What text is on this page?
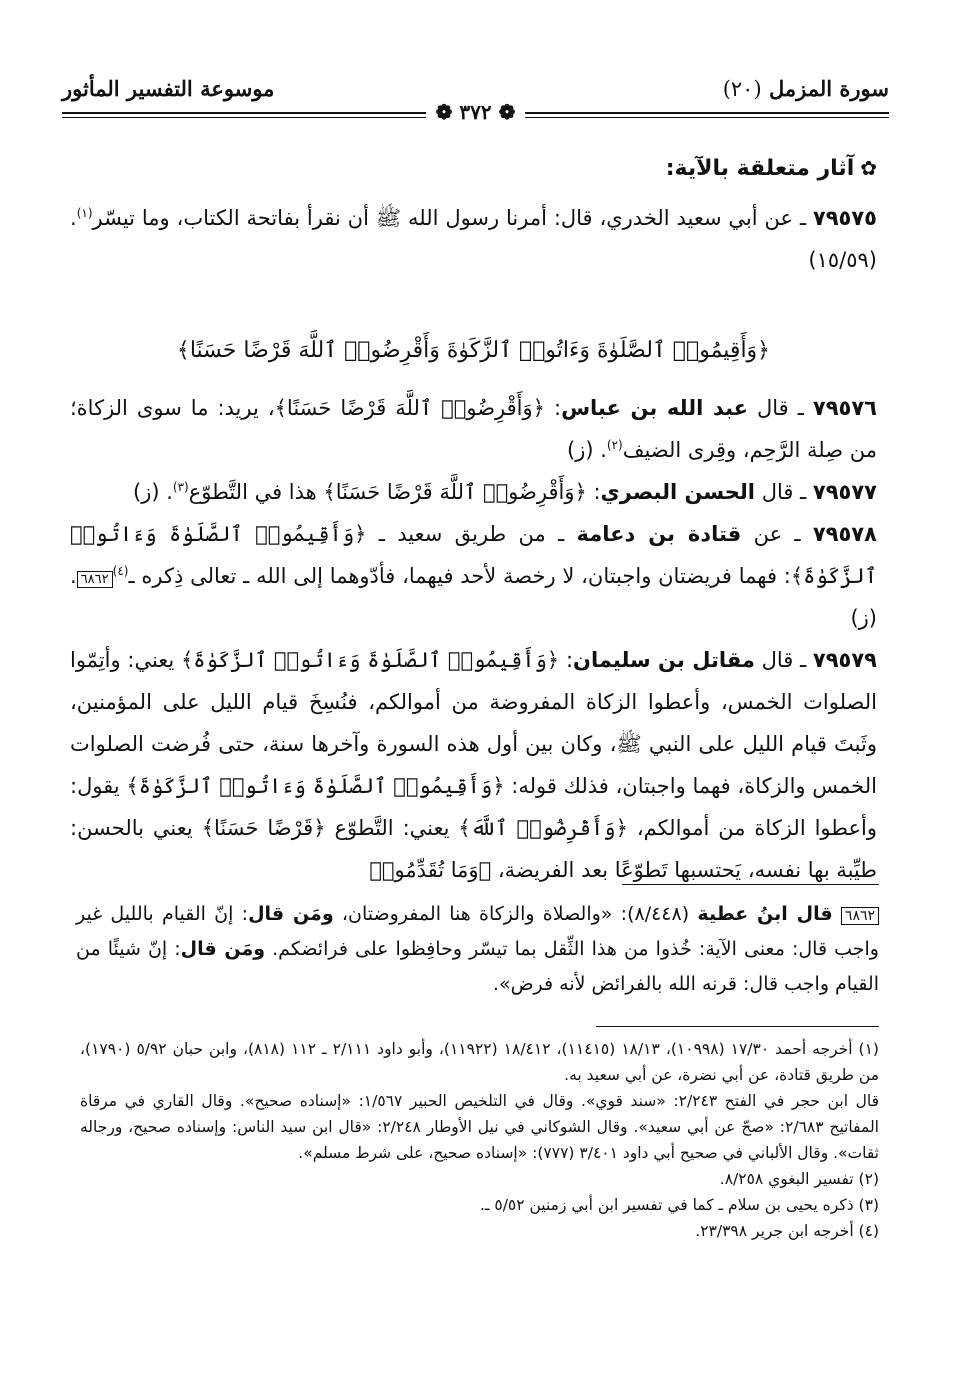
سورة المزمل (٢٠)
موسوعة التفسير المأثور
❁ ٣٧٢ ❁

✿آثار متعلقة بالآية:

٧٩٥٧٥ ـ عن أبي سعيد الخدري، قال: أمرنا رسول الله ﷺ أن نقرأ بفاتحة الكتاب، وما تيسّر$^{(١)}$. (١٥/٥٩)

﴿وَأَقِيمُوا۟ ٱلصَّلَوٰةَ وَءَاتُوا۟ ٱلزَّكَوٰةَ وَأَقْرِضُوا۟ ٱللَّهَ قَرْضًا حَسَنًا﴾

٧٩٥٧٦ ـ قال عبد الله بن عباس: ﴿وَأَقْرِضُوا۟ ٱللَّهَ قَرْضًا حَسَنًا﴾، يريد: ما سوى الزكاة؛ من صِلة الرَّحِم، وقِرى الضيف$^{(٢)}$. (ز)

٧٩٥٧٧ ـ قال الحسن البصري: ﴿وَأَقْرِضُوا۟ ٱللَّهَ قَرْضًا حَسَنًا﴾ هذا في التَّطوّع$^{(٣)}$. (ز)

٧٩٥٧٨ ـ عن قتادة بن دعامة ـ من طريق سعيد ـ ﴿وَأَقِيمُوا۟ ٱلصَّلَوٰةَ وَءَاتُوا۟ ٱلزَّكَوٰةَ﴾: فهما فريضتان واجبتان، لا رخصة لأحد فيهما، فأدّوهما إلى الله ـ تعالى ذِكره ـ$^{(٤)}$٦٨٦٢. (ز)

٧٩٥٧٩ ـ قال مقاتل بن سليمان: ﴿وَأَقِيمُوا۟ ٱلصَّلَوٰةَ وَءَاتُوا۟ ٱلزَّكَوٰةَ﴾ يعني: وأتِمّوا الصلوات الخمس، وأعطوا الزكاة المفروضة من أموالكم، فنُسِخَ قيام الليل على المؤمنين، وثَبتَ قيام الليل على النبي ﷺ، وكان بين أول هذه السورة وآخرها سنة، حتى فُرضت الصلوات الخمس والزكاة، فهما واجبتان، فذلك قوله: ﴿وَأَقِيمُوا۟ ٱلصَّلَوٰةَ وَءَاتُوا۟ ٱلزَّكَوٰةَ﴾ يقول: وأعطوا الزكاة من أموالكم، ﴿وَأَقْرِضُوا۟ ٱللَّهَ﴾ يعني: التَّطوّع ﴿قَرْضًا حَسَنًا﴾ يعني بالحسن: طيِّبة بها نفسه، يَحتسبها تَطوّعًا بعد الفريضة، ﴿وَمَا تُقَدِّمُوا۟

٦٨٦٢ قال ابنُ عطية (٨/٤٤٨): «والصلاة والزكاة هنا المفروضتان، ومَن قال: إنّ القيام بالليل غير واجب قال: معنى الآية: خُذوا من هذا الثِّقل بما تيسّر وحافِظوا على فرائضكم. ومَن قال: إنّ شيئًا من القيام واجب قال: قرنه الله بالفرائض لأنه فرض».

(١) أخرجه أحمد ١٧/٣٠ (١٠٩٩٨)، ١٨/١٣ (١١٤١٥)، ١٨/٤١٢ (١١٩٢٢)، وأبو داود ٢/١١١ ـ ١١٢ (٨١٨)، وابن حبان ٥/٩٢ (١٧٩٠)، من طريق قتادة، عن أبي نضرة، عن أبي سعيد به.

قال ابن حجر في الفتح ٢/٢٤٣: «سند قوي». وقال في التلخيص الحبير ١/٥٦٧: «إسناده صحيح». وقال القاري في مرقاة المفاتيح ٢/٦٨٣: «صحّ عن أبي سعيد». وقال الشوكاني في نيل الأوطار ٢/٢٤٨: «قال ابن سيد الناس: وإسناده صحيح، ورجاله ثقات». وقال الألباني في صحيح أبي داود ٣/٤٠١ (٧٧٧): «إسناده صحيح، على شرط مسلم».

(٢) تفسير البغوي ٨/٢٥٨.

(٣) ذكره يحيى بن سلام ـ كما في تفسير ابن أبي زمنين ٥/٥٢ ـ.

(٤) أخرجه ابن جرير ٢٣/٣٩٨.
